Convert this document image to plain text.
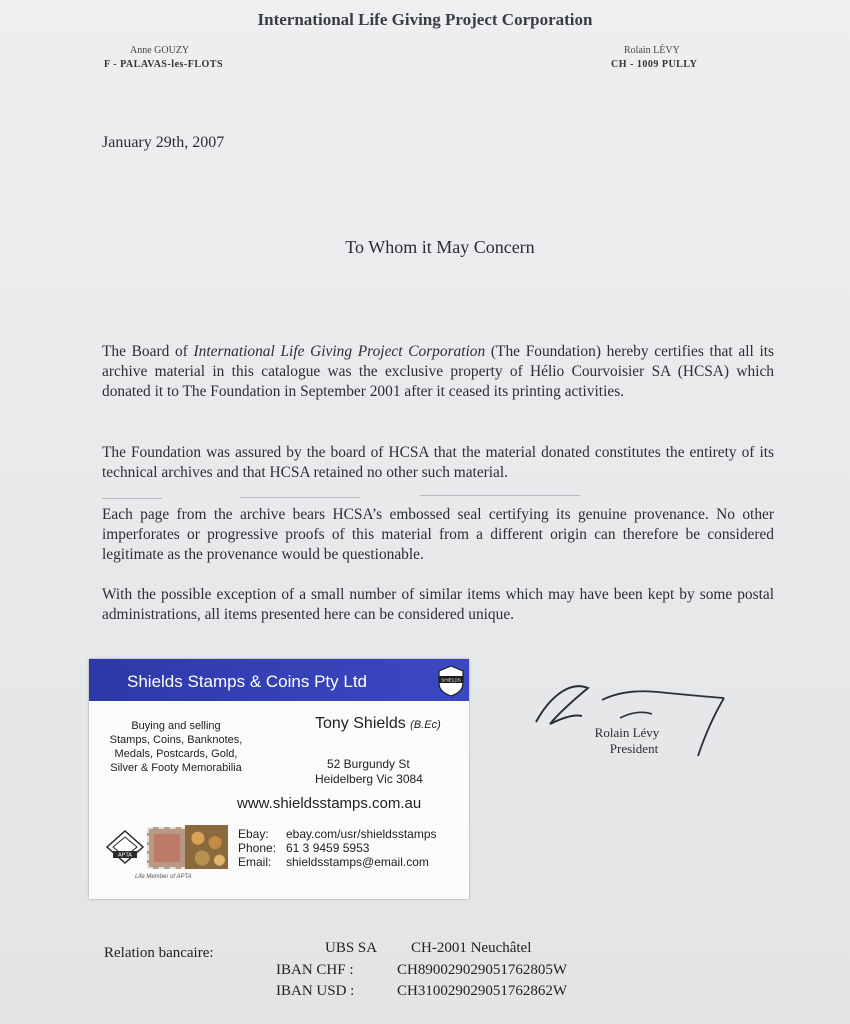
International Life Giving Project Corporation
Anne GOUZY
F - PALAVAS-les-FLOTS
Rolain LÉVY
CH - 1009 PULLY
January 29th, 2007
To Whom it May Concern
The Board of International Life Giving Project Corporation (The Foundation) hereby certifies that all its archive material in this catalogue was the exclusive property of Hélio Courvoisier SA (HCSA) which donated it to The Foundation in September 2001 after it ceased its printing activities.
The Foundation was assured by the board of HCSA that the material donated constitutes the entirety of its technical archives and that HCSA retained no other such material.
Each page from the archive bears HCSA’s embossed seal certifying its genuine provenance. No other imperforates or progressive proofs of this material from a different origin can therefore be considered legitimate as the provenance would be questionable.
With the possible exception of a small number of similar items which may have been kept by some postal administrations, all items presented here can be considered unique.
Rolain Lévy
President
Shields Stamps & Coins Pty Ltd	SHIELDS
Buying and selling
Stamps, Coins, Banknotes,
Medals, Postcards, Gold,
Silver & Footy Memorabilia
Tony Shields (B.Ec)
52 Burgundy St
Heidelberg Vic 3084
www.shieldsstamps.com.au
APTA
Life Member of APTA
Ebay: ebay.com/usr/shieldsstamps
Phone: 61 3 9459 5953
Email: shieldsstamps@email.com
Relation bancaire:	UBS SA CH-2001 Neuchâtel
IBAN CHF :	CH890029029051762805W
IBAN USD :	CH310029029051762862W
